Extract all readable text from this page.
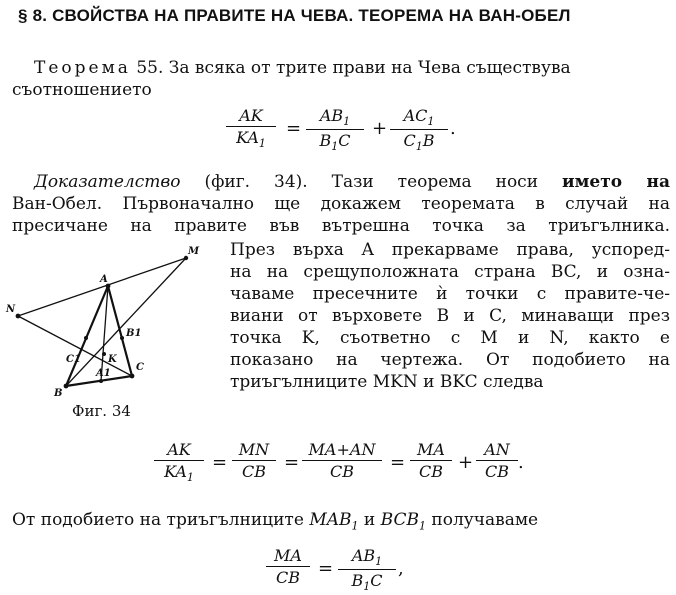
§ 8. СВОЙСТВА НА ПРАВИТЕ НА ЧЕВА. ТЕОРЕМА НА ВАН-ОБЕЛ
Теорема 55. За всяка от трите прави на Чева съществува
съотношението
AK
$KA_1$
=
$AB_1$
$B_1C$
+
$AC_1$
$C_1B$
.
Доказателство (фиг. 34). Тази теорема носи името на
Ван-Обел. Първоначално ще докажем теоремата в случай на
пресичане на правите във вътрешна точка за триъгълника.
През върха A прекарваме права, успоред-
на на срещуположната страна BC, и озна-
чаваме пресечните ѝ точки с правите-че-
виани от върховете B и C, минаващи през
точка K, съответно с M и N, както е
показано на чертежа. От подобието на
триъгълниците MKN и BKC следва
N
M
A
B
C
B1
C1
A1
K
Фиг. 34
AK
$KA_1$
=
MN
CB	=
MA+AN
CB	=
MA
CB +
AN
CB .
От подобието на триъгълниците $MAB_1$ и $BCB_1$ получаваме
MA
CB	=
$AB_1$
$B_1C$
,
